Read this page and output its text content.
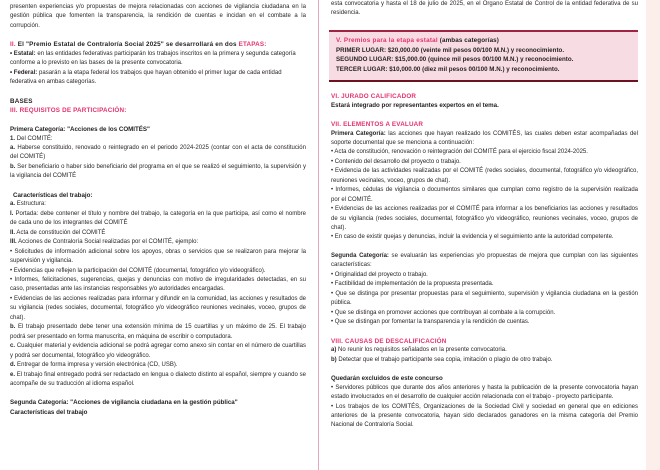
presenten experiencias y/o propuestas de mejora relacionadas con acciones de vigilancia ciudadana en la gestión pública que fomenten la transparencia, la rendición de cuentas e incidan en el combate a la corrupción.
II. El "Premio Estatal de Contraloría Social 2025" se desarrollará en dos ETAPAS:
• Estatal: en las entidades federativas participarán los trabajos inscritos en la primera y segunda categoría conforme a lo previsto en las bases de la presente convocatoria.
• Federal: pasarán a la etapa federal los trabajos que hayan obtenido el primer lugar de cada entidad federativa en ambas categorías.
BASES
III. REQUISITOS DE PARTICIPACIÓN:
Primera Categoría: "Acciones de los COMITÉS"
1. Del COMITÉ:
a. Haberse constituido, renovado o reintegrado en el periodo 2024-2025 (contar con el acta de constitución del COMITÉ)
b. Ser beneficiario o haber sido beneficiario del programa en el que se realizó el seguimiento, la supervisión y la vigilancia del COMITÉ
Características del trabajo:
a. Estructura:
I. Portada: debe contener el título y nombre del trabajo, la categoría en la que participa, así como el nombre de cada uno de los integrantes del COMITÉ
II. Acta de constitución del COMITÉ
III. Acciones de Contraloría Social realizadas por el COMITÉ, ejemplo:
• Solicitudes de información adicional sobre los apoyos, obras o servicios que se realizaron para mejorar la supervisión y vigilancia.
• Evidencias que reflejen la participación del COMITÉ (documental, fotográfico y/o videográfico).
• Informes, felicitaciones, sugerencias, quejas y denuncias con motivo de irregularidades detectadas, en su caso, presentadas ante las instancias responsables y/o autoridades encargadas.
• Evidencias de las acciones realizadas para informar y difundir en la comunidad, las acciones y resultados de su vigilancia (redes sociales, documental, fotográfico y/o videográfico reuniones vecinales, voceo, grupos de chat).
b. El trabajo presentado debe tener una extensión mínima de 15 cuartillas y un máximo de 25. El trabajo podrá ser presentado en forma manuscrita, en máquina de escribir o computadora.
c. Cualquier material y evidencia adicional se podrá agregar como anexo sin contar en el número de cuartillas y podrá ser documental, fotográfico y/o videográfico.
d. Entregar de forma impresa y versión electrónica (CD, USB).
e. El trabajo final entregado podrá ser redactado en lengua o dialecto distinto al español, siempre y cuando se acompañe de su traducción al idioma español.
Segunda Categoría: "Acciones de vigilancia ciudadana en la gestión pública"
Características del trabajo
esta convocatoria y hasta el 18 de julio de 2025, en el Órgano Estatal de Control de la entidad federativa de su residencia.
V. Premios para la etapa estatal (ambas categorías)
PRIMER LUGAR: $20,000.00 (veinte mil pesos 00/100 M.N.) y reconocimiento.
SEGUNDO LUGAR: $15,000.00 (quince mil pesos 00/100 M.N.) y reconocimiento.
TERCER LUGAR: $10,000.00 (diez mil pesos 00/100 M.N.) y reconocimiento.
VI. JURADO CALIFICADOR
Estará integrado por representantes expertos en el tema.
VII. ELEMENTOS A EVALUAR
Primera Categoría: las acciones que hayan realizado los COMITÉS, las cuales deben estar acompañadas del soporte documental que se menciona a continuación:
• Acta de constitución, renovación o reintegración del COMITÉ para el ejercicio fiscal 2024-2025.
• Contenido del desarrollo del proyecto o trabajo.
• Evidencia de las actividades realizadas por el COMITÉ (redes sociales, documental, fotográfico y/o videográfico, reuniones vecinales, voceo, grupos de chat).
• Informes, cédulas de vigilancia o documentos similares que cumplan como registro de la supervisión realizada por el COMITÉ.
• Evidencias de las acciones realizadas por el COMITÉ para informar a los beneficiarios las acciones y resultados de su vigilancia (redes sociales, documental, fotográfico y/o videográfico, reuniones vecinales, voceo, grupos de chat).
• En caso de existir quejas y denuncias, incluir la evidencia y el seguimiento ante la autoridad competente.
Segunda Categoría: se evaluarán las experiencias y/o propuestas de mejora que cumplan con las siguientes características:
• Originalidad del proyecto o trabajo.
• Factibilidad de implementación de la propuesta presentada.
• Que se distinga por presentar propuestas para el seguimiento, supervisión y vigilancia ciudadana en la gestión pública.
• Que se distinga en promover acciones que contribuyan al combate a la corrupción.
• Que se distingan por fomentar la transparencia y la rendición de cuentas.
VIII. CAUSAS DE DESCALIFICACIÓN
a) No reunir los requisitos señalados en la presente convocatoria.
b) Detectar que el trabajo participante sea copia, imitación o plagio de otro trabajo.
Quedarán excluidos de este concurso
• Servidores públicos que durante dos años anteriores y hasta la publicación de la presente convocatoria hayan estado involucrados en el desarrollo de cualquier acción relacionada con el trabajo - proyecto participante.
• Los trabajos de los COMITÉS, Organizaciones de la Sociedad Civil y sociedad en general que en ediciones anteriores de la presente convocatoria, hayan sido declarados ganadores en la misma categoría del Premio Nacional de Contraloría Social.
